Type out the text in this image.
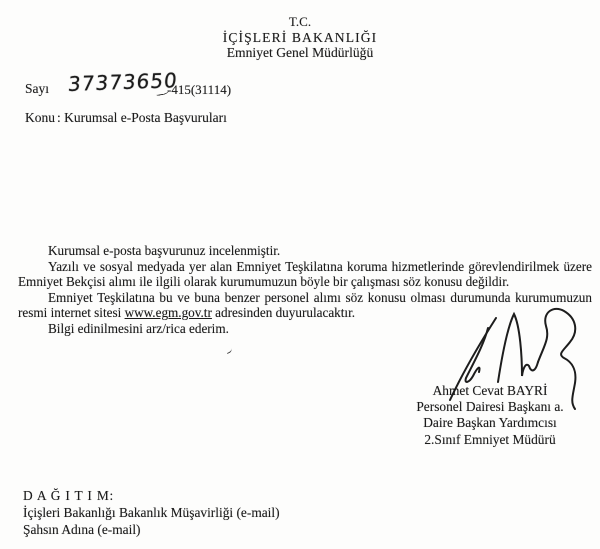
T.C.
İÇİŞLERİ BAKANLIĞI
Emniyet Genel Müdürlüğü
Sayı 37373650
-415(31114)
Konu : Kurumsal e-Posta Başvuruları

Kurumsal e-posta başvurunuz incelenmiştir.

Yazılı ve sosyal medyada yer alan Emniyet Teşkilatına koruma hizmetlerinde görevlendirilmek üzere Emniyet Bekçisi alımı ile ilgili olarak kurumumuzun böyle bir çalışması söz konusu değildir.

Emniyet Teşkilatına bu ve buna benzer personel alımı söz konusu olması durumunda kurumumuzun resmi internet sitesi www.egm.gov.tr adresinden duyurulacaktır.

Bilgi edinilmesini arz/rica ederim.

Ahmet Cevat BAYRİ
Personel Dairesi Başkanı a.
Daire Başkan Yardımcısı
2.Sınıf Emniyet Müdürü
D A Ğ I T I M:
İçişleri Bakanlığı Bakanlık Müşavirliği (e-mail)
Şahsın Adına (e-mail)
